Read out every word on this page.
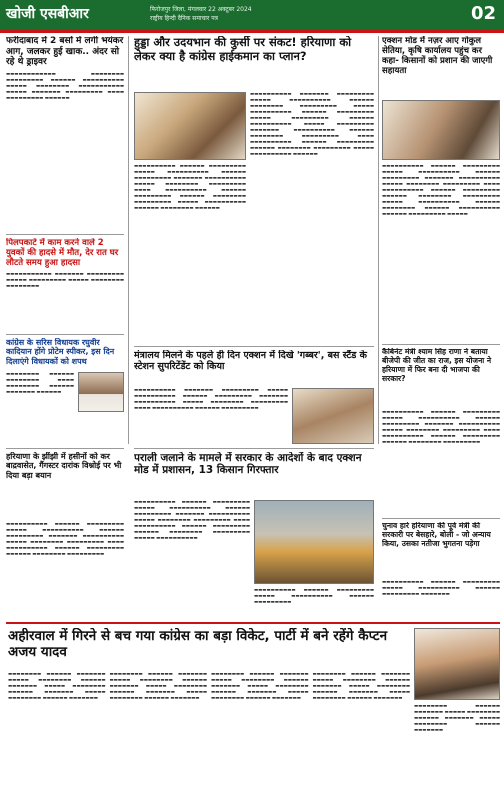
खोजी एसबीआर	फिरोजपुर जिला, मंगलवार 22 अक्टूबर 2024
राष्ट्रीय हिन्दी दैनिक समाचार पत्र	02
फरीदाबाद में 2 बसों में लगी भयंकर आग, जलकर हुई खाक.. अंदर सो रहे थे ड्राइवर
▬▬▬▬▬▬▬▬▬▬▬▬ ▬▬▬▬▬▬▬▬ ▬▬▬▬▬▬▬▬▬ ▬▬▬▬▬▬ ▬▬▬▬▬▬▬▬▬▬ ▬▬▬▬▬ ▬▬▬▬▬▬▬▬ ▬▬▬▬▬▬▬▬▬▬▬ ▬▬▬▬▬ ▬▬▬▬▬▬▬ ▬▬▬▬▬▬▬▬▬ ▬▬▬▬ ▬▬▬▬▬▬▬▬▬ ▬▬▬▬▬▬
पिलपकाटे में काम करने वाले 2 युवकों की हादसे में मौत, देर रात घर लौटते समय हुआ हादसा
▬▬▬▬▬▬▬▬▬▬▬ ▬▬▬▬▬▬▬ ▬▬▬▬▬▬▬▬▬ ▬▬▬▬▬ ▬▬▬▬▬▬▬▬▬ ▬▬▬▬▬ ▬▬▬▬▬▬▬▬ ▬▬▬▬▬▬▬▬
कांग्रेस के सरिस विधायक रघुवीर कादियान होंगे प्रोटेम स्पीकर, इस दिन दिलाएंगे विधायकों को शपथ
▬▬▬▬▬▬▬▬ ▬▬▬▬▬▬ ▬▬▬▬▬▬▬▬ ▬▬▬▬ ▬▬▬▬▬▬▬▬ ▬▬▬▬▬▬ ▬▬▬▬▬▬▬ ▬▬▬▬▬▬
हरियाणा के झींझी में हसीनों को कर बाद्रवासेत, गैंगस्टर दारांक विश्नोई पर भी दिया बड़ा बयान
▬▬▬▬▬▬▬▬▬▬ ▬▬▬▬▬▬ ▬▬▬▬▬▬▬▬▬ ▬▬▬▬▬ ▬▬▬▬▬▬▬▬▬▬ ▬▬▬▬▬▬ ▬▬▬▬▬▬▬▬▬ ▬▬▬▬▬▬▬ ▬▬▬▬▬▬▬▬▬▬ ▬▬▬▬▬ ▬▬▬▬▬▬▬▬ ▬▬▬▬▬▬▬▬▬ ▬▬▬▬ ▬▬▬▬▬▬▬▬▬▬ ▬▬▬▬▬▬ ▬▬▬▬▬▬▬▬▬ ▬▬▬▬▬▬ ▬▬▬▬▬▬▬▬ ▬▬▬▬▬▬▬▬▬
हुड्डा और उदयभान की कुर्सी पर संकट! हरियाणा को लेकर क्या है कांग्रेस हाईकमान का प्लान?
▬▬▬▬▬▬▬▬▬▬ ▬▬▬▬▬▬▬ ▬▬▬▬▬▬▬▬▬ ▬▬▬▬▬ ▬▬▬▬▬▬▬▬▬▬ ▬▬▬▬▬▬ ▬▬▬▬▬▬▬▬ ▬▬▬▬▬▬▬▬▬ ▬▬▬▬▬ ▬▬▬▬▬▬▬▬▬▬ ▬▬▬▬▬▬ ▬▬▬▬▬▬▬▬▬ ▬▬▬▬▬ ▬▬▬▬▬▬▬▬▬ ▬▬▬▬▬▬ ▬▬▬▬▬▬▬▬▬▬ ▬▬▬▬▬ ▬▬▬▬▬▬▬▬▬ ▬▬▬▬▬▬▬ ▬▬▬▬▬▬▬▬▬▬ ▬▬▬▬▬▬ ▬▬▬▬▬▬▬▬ ▬▬▬▬▬▬▬▬▬ ▬▬▬▬ ▬▬▬▬▬▬▬▬▬▬ ▬▬▬▬▬▬ ▬▬▬▬▬▬▬▬▬ ▬▬▬▬▬▬ ▬▬▬▬▬▬▬▬ ▬▬▬▬▬▬▬▬▬ ▬▬▬▬▬ ▬▬▬▬▬▬▬▬▬▬ ▬▬▬▬▬▬
▬▬▬▬▬▬▬▬▬▬ ▬▬▬▬▬▬ ▬▬▬▬▬▬▬▬▬ ▬▬▬▬▬ ▬▬▬▬▬▬▬▬▬▬ ▬▬▬▬▬▬ ▬▬▬▬▬▬▬▬▬ ▬▬▬▬▬▬▬ ▬▬▬▬▬▬▬▬▬▬ ▬▬▬▬▬ ▬▬▬▬▬▬▬▬ ▬▬▬▬▬▬▬▬▬ ▬▬▬▬ ▬▬▬▬▬▬▬▬▬▬ ▬▬▬▬▬▬ ▬▬▬▬▬▬▬▬▬ ▬▬▬▬▬▬ ▬▬▬▬▬▬▬▬ ▬▬▬▬▬▬▬▬▬ ▬▬▬▬▬ ▬▬▬▬▬▬▬▬▬▬ ▬▬▬▬▬▬ ▬▬▬▬▬▬▬▬ ▬▬▬▬▬▬
मंत्रालय मिलने के पहले ही दिन एक्शन में दिखे 'गब्बर', बस स्टैंड के स्टेशन सुपरिटेंडेंट को किया
▬▬▬▬▬▬▬▬▬▬ ▬▬▬▬▬▬▬ ▬▬▬▬▬▬▬▬▬ ▬▬▬▬▬ ▬▬▬▬▬▬▬▬▬▬ ▬▬▬▬▬▬ ▬▬▬▬▬▬▬▬▬ ▬▬▬▬▬▬▬ ▬▬▬▬▬▬▬▬▬▬ ▬▬▬▬▬ ▬▬▬▬▬▬▬▬ ▬▬▬▬▬▬▬▬▬ ▬▬▬▬ ▬▬▬▬▬▬▬▬▬▬ ▬▬▬▬▬▬ ▬▬▬▬▬▬▬▬▬
पराली जलाने के मामले में सरकार के आदेशों के बाद एक्शन मोड में प्रशासन, 13 किसान गिरफ्तार
▬▬▬▬▬▬▬▬▬▬ ▬▬▬▬▬▬ ▬▬▬▬▬▬▬▬▬ ▬▬▬▬▬ ▬▬▬▬▬▬▬▬▬▬ ▬▬▬▬▬▬ ▬▬▬▬▬▬▬▬▬ ▬▬▬▬▬▬▬ ▬▬▬▬▬▬▬▬▬▬ ▬▬▬▬▬ ▬▬▬▬▬▬▬▬ ▬▬▬▬▬▬▬▬▬ ▬▬▬▬ ▬▬▬▬▬▬▬▬▬▬ ▬▬▬▬▬▬ ▬▬▬▬▬▬▬▬▬ ▬▬▬▬▬▬ ▬▬▬▬▬▬▬▬ ▬▬▬▬▬▬▬▬▬ ▬▬▬▬▬ ▬▬▬▬▬▬▬▬▬▬
▬▬▬▬▬▬▬▬▬▬ ▬▬▬▬▬▬ ▬▬▬▬▬▬▬▬▬ ▬▬▬▬▬ ▬▬▬▬▬▬▬▬▬▬ ▬▬▬▬▬▬ ▬▬▬▬▬▬▬▬▬
एक्शन मोड में नज़र आए गोकुल सेतिया, कृषि कार्यालय पहुंच कर कहा- किसानों को प्रशान की जाएगी सहायता
▬▬▬▬▬▬▬▬▬▬ ▬▬▬▬▬▬ ▬▬▬▬▬▬▬▬▬ ▬▬▬▬▬ ▬▬▬▬▬▬▬▬▬▬ ▬▬▬▬▬▬ ▬▬▬▬▬▬▬▬▬ ▬▬▬▬▬▬▬ ▬▬▬▬▬▬▬▬▬▬ ▬▬▬▬▬ ▬▬▬▬▬▬▬▬ ▬▬▬▬▬▬▬▬▬ ▬▬▬▬ ▬▬▬▬▬▬▬▬▬▬ ▬▬▬▬▬▬ ▬▬▬▬▬▬▬▬▬ ▬▬▬▬▬▬ ▬▬▬▬▬▬▬▬ ▬▬▬▬▬▬▬▬▬ ▬▬▬▬▬ ▬▬▬▬▬▬▬▬▬▬ ▬▬▬▬▬▬ ▬▬▬▬▬▬▬▬ ▬▬▬▬▬▬ ▬▬▬▬▬▬▬▬▬▬ ▬▬▬▬▬▬ ▬▬▬▬▬▬▬▬▬ ▬▬▬▬▬
कैबिनेट मंत्री श्याम सिंह राणा ने बताया बीजेपी की जीत का राज, इस योजना ने हरियाणा में फिर बना दी भाजपा की सरकार?
▬▬▬▬▬▬▬▬▬▬ ▬▬▬▬▬▬ ▬▬▬▬▬▬▬▬▬ ▬▬▬▬▬ ▬▬▬▬▬▬▬▬▬▬ ▬▬▬▬▬▬ ▬▬▬▬▬▬▬▬▬ ▬▬▬▬▬▬▬ ▬▬▬▬▬▬▬▬▬▬ ▬▬▬▬▬ ▬▬▬▬▬▬▬▬ ▬▬▬▬▬▬▬▬▬ ▬▬▬▬ ▬▬▬▬▬▬▬▬▬▬ ▬▬▬▬▬▬ ▬▬▬▬▬▬▬▬▬ ▬▬▬▬▬▬ ▬▬▬▬▬▬▬▬ ▬▬▬▬▬▬▬▬▬
चुनाव हारे हरियाणा की पूर्व मंत्री की सरकारी पर बेसहारे, बोली - जो अन्याय किया, उसका नतीजा भुगतना पड़ेगा
▬▬▬▬▬▬▬▬▬▬ ▬▬▬▬▬▬ ▬▬▬▬▬▬▬▬▬ ▬▬▬▬▬ ▬▬▬▬▬▬▬▬▬▬ ▬▬▬▬▬▬ ▬▬▬▬▬▬▬▬▬ ▬▬▬▬▬▬▬
अहीरवाल में गिरने से बच गया कांग्रेस का बड़ा विकेट, पार्टी में बने रहेंगे कैप्टन अजय यादव
▬▬▬▬▬▬▬▬ ▬▬▬▬▬▬ ▬▬▬▬▬▬▬ ▬▬▬▬▬ ▬▬▬▬▬▬▬▬ ▬▬▬▬▬▬ ▬▬▬▬▬▬▬ ▬▬▬▬▬ ▬▬▬▬▬▬▬▬ ▬▬▬▬▬▬ ▬▬▬▬▬▬▬ ▬▬▬▬▬ ▬▬▬▬▬▬▬▬ ▬▬▬▬▬▬ ▬▬▬▬▬▬▬
▬▬▬▬▬▬▬▬ ▬▬▬▬▬▬ ▬▬▬▬▬▬▬ ▬▬▬▬▬ ▬▬▬▬▬▬▬▬ ▬▬▬▬▬▬ ▬▬▬▬▬▬▬ ▬▬▬▬▬ ▬▬▬▬▬▬▬▬ ▬▬▬▬▬▬ ▬▬▬▬▬▬▬ ▬▬▬▬▬ ▬▬▬▬▬▬▬▬ ▬▬▬▬▬▬ ▬▬▬▬▬▬▬
▬▬▬▬▬▬▬▬ ▬▬▬▬▬▬ ▬▬▬▬▬▬▬ ▬▬▬▬▬ ▬▬▬▬▬▬▬▬ ▬▬▬▬▬▬ ▬▬▬▬▬▬▬ ▬▬▬▬▬ ▬▬▬▬▬▬▬▬ ▬▬▬▬▬▬ ▬▬▬▬▬▬▬ ▬▬▬▬▬ ▬▬▬▬▬▬▬▬ ▬▬▬▬▬▬ ▬▬▬▬▬▬▬
▬▬▬▬▬▬▬▬ ▬▬▬▬▬▬ ▬▬▬▬▬▬▬ ▬▬▬▬▬ ▬▬▬▬▬▬▬▬ ▬▬▬▬▬▬ ▬▬▬▬▬▬▬ ▬▬▬▬▬ ▬▬▬▬▬▬▬▬ ▬▬▬▬▬▬ ▬▬▬▬▬▬▬ ▬▬▬▬▬ ▬▬▬▬▬▬▬▬ ▬▬▬▬▬▬ ▬▬▬▬▬▬▬
▬▬▬▬▬▬▬▬ ▬▬▬▬▬▬ ▬▬▬▬▬▬▬ ▬▬▬▬▬ ▬▬▬▬▬▬▬▬ ▬▬▬▬▬▬ ▬▬▬▬▬▬▬ ▬▬▬▬▬ ▬▬▬▬▬▬▬▬ ▬▬▬▬▬▬ ▬▬▬▬▬▬▬
